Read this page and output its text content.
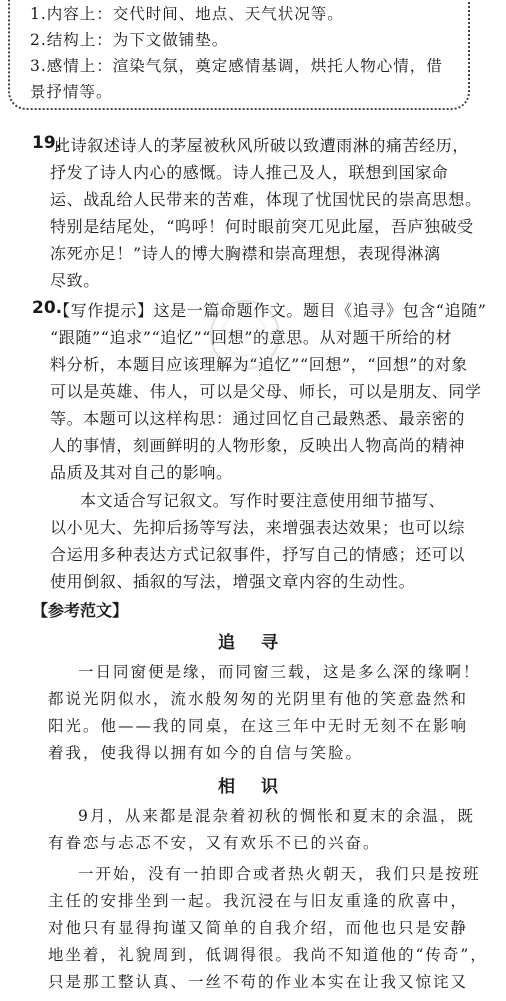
1.内容上：交代时间、地点、天气状况等。
2.结构上：为下文做铺垫。
3.感情上：渲染气氛，奠定感情基调，烘托人物心情，借
景抒情等。
19.
此诗叙述诗人的茅屋被秋风所破以致遭雨淋的痛苦经历，
抒发了诗人内心的感慨。诗人推己及人，联想到国家命
运、战乱给人民带来的苦难，体现了忧国忧民的崇高思想。
特别是结尾处，“呜呼！何时眼前突兀见此屋，吾庐独破受
冻死亦足！”诗人的博大胸襟和崇高理想，表现得淋漓
尽致。
20.
【写作提示】这是一篇命题作文。题目《追寻》包含“追随”
“跟随”“追求”“追忆”“回想”的意思。从对题干所给的材
料分析，本题目应该理解为“追忆”“回想”，“回想”的对象
可以是英雄、伟人，可以是父母、师长，可以是朋友、同学
等。本题可以这样构思：通过回忆自己最熟悉、最亲密的
人的事情，刻画鲜明的人物形象，反映出人物高尚的精神
品质及其对自己的影响。
本文适合写记叙文。写作时要注意使用细节描写、
以小见大、先抑后扬等写法，来增强表达效果；也可以综
合运用多种表达方式记叙事件，抒写自己的情感；还可以
使用倒叙、插叙的写法，增强文章内容的生动性。
【参考范文】
追 寻
一日同窗便是缘，而同窗三载，这是多么深的缘啊！
都说光阴似水，流水般匆匆的光阴里有他的笑意盎然和
阳光。他——我的同桌，在这三年中无时无刻不在影响
着我，使我得以拥有如今的自信与笑脸。
相 识
9月，从来都是混杂着初秋的惆怅和夏末的余温，既
有眷恋与忐忑不安，又有欢乐不已的兴奋。
一开始，没有一拍即合或者热火朝天，我们只是按班
主任的安排坐到一起。我沉浸在与旧友重逢的欣喜中，
对他只有显得拘谨又简单的自我介绍，而他也只是安静
地坐着，礼貌周到，低调得很。我尚不知道他的“传奇”，
只是那工整认真、一丝不苟的作业本实在让我又惊诧又
